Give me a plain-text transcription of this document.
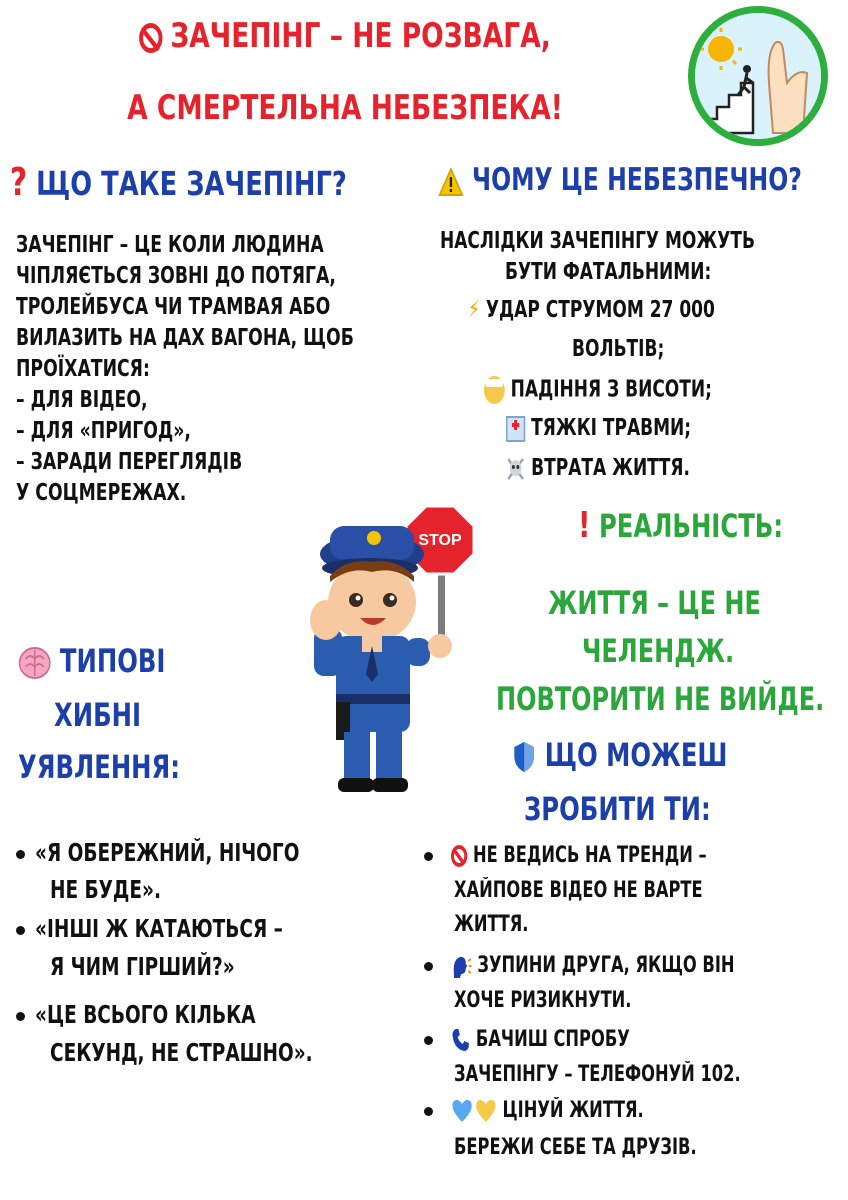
ЗАЧЕПІНГ – НЕ РОЗВАГА,
А СМЕРТЕЛЬНА НЕБЕЗПЕКА!
? ЩО ТАКЕ ЗАЧЕПІНГ?
ЗАЧЕПІНГ – ЦЕ КОЛИ ЛЮДИНА
ЧІПЛЯЄТЬСЯ ЗОВНІ ДО ПОТЯГА,
ТРОЛЕЙБУСА ЧИ ТРАМВАЯ АБО
ВИЛАЗИТЬ НА ДАХ ВАГОНА, ЩОБ
ПРОЇХАТИСЯ:
– ДЛЯ ВІДЕО,
– ДЛЯ «ПРИГОД»,
– ЗАРАДИ ПЕРЕГЛЯДІВ
У СОЦМЕРЕЖАХ.
ЧОМУ ЦЕ НЕБЕЗПЕЧНО?
НАСЛІДКИ ЗАЧЕПІНГУ МОЖУТЬ
БУТИ ФАТАЛЬНИМИ:
⚡ УДАР СТРУМОМ 27 000
ВОЛЬТІВ;
ПАДІННЯ З ВИСОТИ;
ТЯЖКІ ТРАВМИ;
ВТРАТА ЖИТТЯ.
! РЕАЛЬНІСТЬ:
ЖИТТЯ – ЦЕ НЕ
ЧЕЛЕНДЖ.
ПОВТОРИТИ НЕ ВИЙДЕ.
ТИПОВІ
ХИБНІ
УЯВЛЕННЯ:	ЩО МОЖЕШ
ЗРОБИТИ ТИ:
STOP
«Я ОБЕРЕЖНИЙ, НІЧОГО
НЕ БУДЕ».
«ІНШІ Ж КАТАЮТЬСЯ –
Я ЧИМ ГІРШИЙ?»
«ЦЕ ВСЬОГО КІЛЬКА
СЕКУНД, НЕ СТРАШНО».

НЕ ВЕДИСЬ НА ТРЕНДИ –
ХАЙПОВЕ ВІДЕО НЕ ВАРТЕ
ЖИТТЯ.
ЗУПИНИ ДРУГА, ЯКЩО ВІН
ХОЧЕ РИЗИКНУТИ.
БАЧИШ СПРОБУ
ЗАЧЕПІНГУ – ТЕЛЕФОНУЙ 102.
ЦІНУЙ ЖИТТЯ.
БЕРЕЖИ СЕБЕ ТА ДРУЗІВ.
